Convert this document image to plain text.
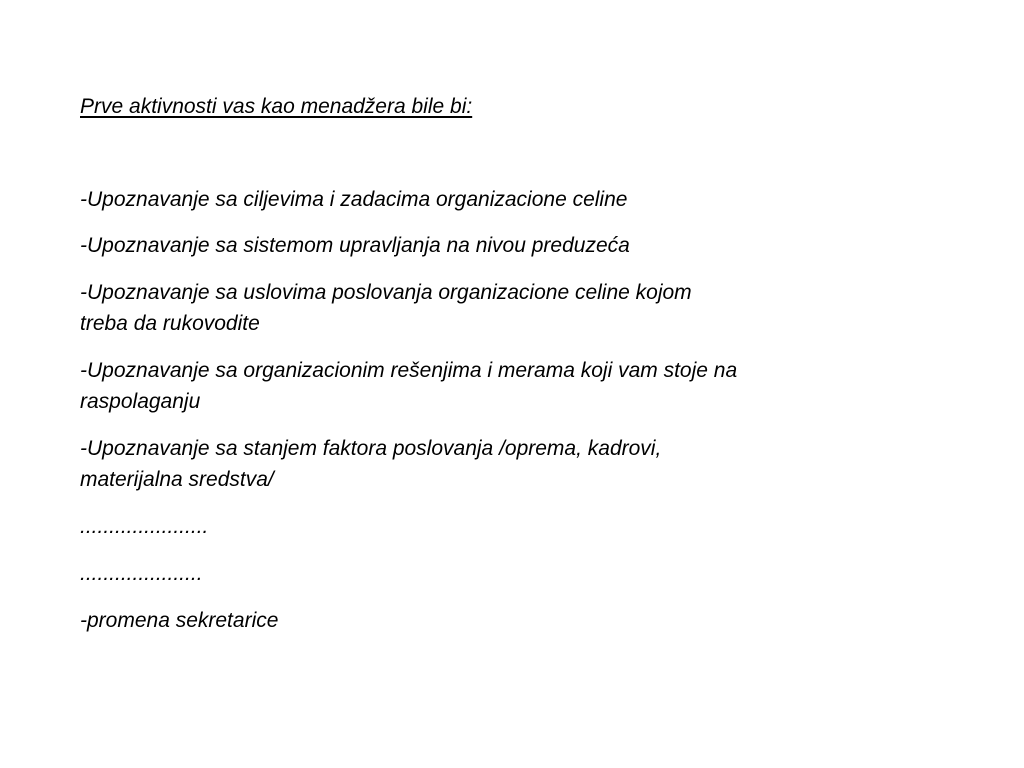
Prve aktivnosti vas kao menadžera bile bi:
-Upoznavanje sa ciljevima i zadacima organizacione celine
-Upoznavanje sa sistemom upravljanja na nivou preduzeća
-Upoznavanje sa uslovima poslovanja organizacione celine kojom
treba da rukovodite
-Upoznavanje sa organizacionim rešenjima i merama koji vam stoje na
raspolaganju
-Upoznavanje sa stanjem faktora poslovanja /oprema, kadrovi,
materijalna sredstva/
......................
.....................
-promena sekretarice
